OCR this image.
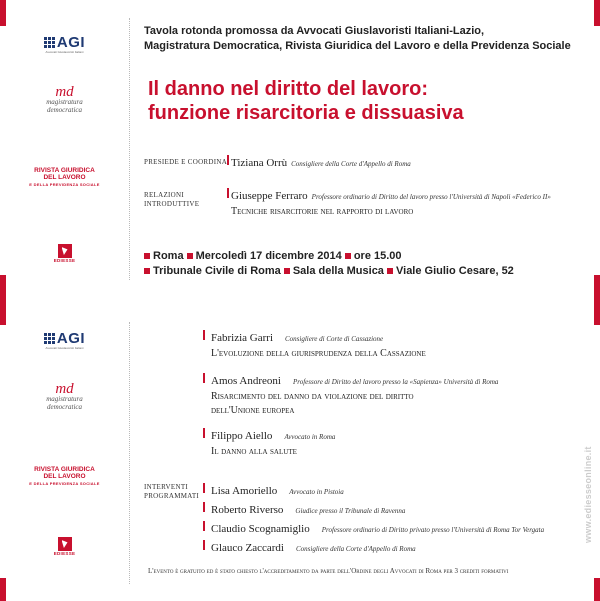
AGI
Avvocati Giuslavoristi Italiani
md
magistratura
democratica
RIVISTA GIURIDICA
DEL LAVORO
E DELLA PREVIDENZA SOCIALE
EDIESSE
AGI
Avvocati Giuslavoristi Italiani
md
magistratura
democratica
RIVISTA GIURIDICA
DEL LAVORO
E DELLA PREVIDENZA SOCIALE
EDIESSE
Tavola rotonda promossa da Avvocati Giuslavoristi Italiani-Lazio,
Magistratura Democratica, Rivista Giuridica del Lavoro e della Previdenza Sociale
Il danno nel diritto del lavoro:
funzione risarcitoria e dissuasiva
PRESIEDE E COORDINA Tiziana Orrù Consigliere della Corte d'Appello di Roma
RELAZIONI
INTRODUTTIVE
Giuseppe Ferraro Professore ordinario di Diritto del lavoro presso l'Università di Napoli «Federico II»
Tecniche risarcitorie nel rapporto di lavoro
Roma Mercoledì 17 dicembre 2014 ore 15.00
Tribunale Civile di Roma Sala della Musica Viale Giulio Cesare, 52
Fabrizia Garri Consigliere di Corte di Cassazione
L'evoluzione della giurisprudenza della Cassazione
Amos Andreoni Professore di Diritto del lavoro presso la «Sapienza» Università di Roma
Risarcimento del danno da violazione del diritto
dell'Unione europea
Filippo Aiello Avvocato in Roma
Il danno alla salute
INTERVENTI
PROGRAMMATI	Lisa Amoriello Avvocato in Pistoia
Roberto Riverso Giudice presso il Tribunale di Ravenna
Claudio Scognamiglio Professore ordinario di Diritto privato presso l'Università di Roma Tor Vergata
Glauco Zaccardi Consigliere della Corte d'Appello di Roma
L'evento è gratuito ed è stato chiesto l'accreditamento da parte dell'Ordine degli Avvocati di Roma per 3 crediti formativi
www.ediesseonline.it
